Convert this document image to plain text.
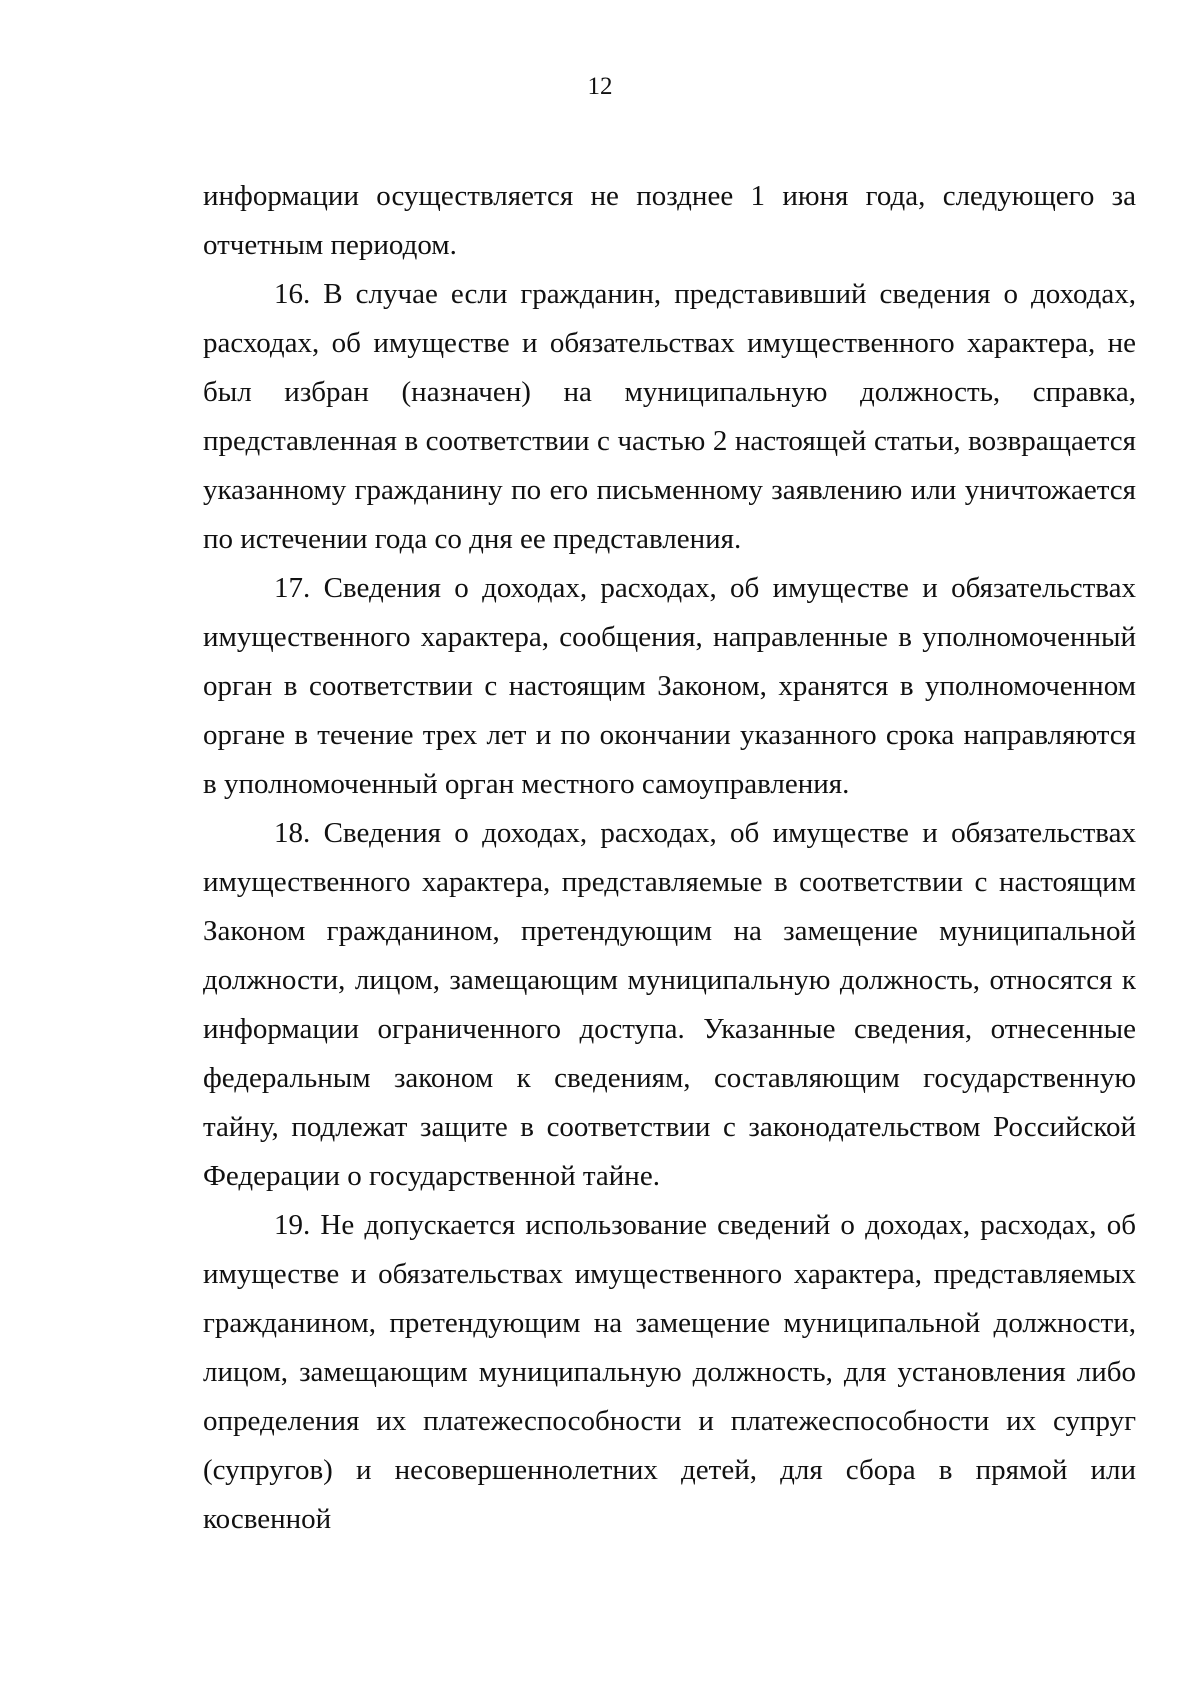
12

информации осуществляется не позднее 1 июня года, следующего за отчетным периодом.

16. В случае если гражданин, представивший сведения о доходах, расходах, об имуществе и обязательствах имущественного характера, не был избран (назначен) на муниципальную должность, справка, представленная в соответствии с частью 2 настоящей статьи, возвращается указанному гражданину по его письменному заявлению или уничтожается по истечении года со дня ее представления.

17. Сведения о доходах, расходах, об имуществе и обязательствах имущественного характера, сообщения, направленные в уполномоченный орган в соответствии с настоящим Законом, хранятся в уполномоченном органе в течение трех лет и по окончании указанного срока направляются в уполномоченный орган местного самоуправления.

18. Сведения о доходах, расходах, об имуществе и обязательствах имущественного характера, представляемые в соответствии с настоящим Законом гражданином, претендующим на замещение муниципальной должности, лицом, замещающим муниципальную должность, относятся к информации ограниченного доступа. Указанные сведения, отнесенные федеральным законом к сведениям, составляющим государственную тайну, подлежат защите в соответствии с законодательством Российской Федерации о государственной тайне.

19. Не допускается использование сведений о доходах, расходах, об имуществе и обязательствах имущественного характера, представляемых гражданином, претендующим на замещение муниципальной должности, лицом, замещающим муниципальную должность, для установления либо определения их платежеспособности и платежеспособности их супруг (супругов) и несовершеннолетних детей, для сбора в прямой или косвенной
